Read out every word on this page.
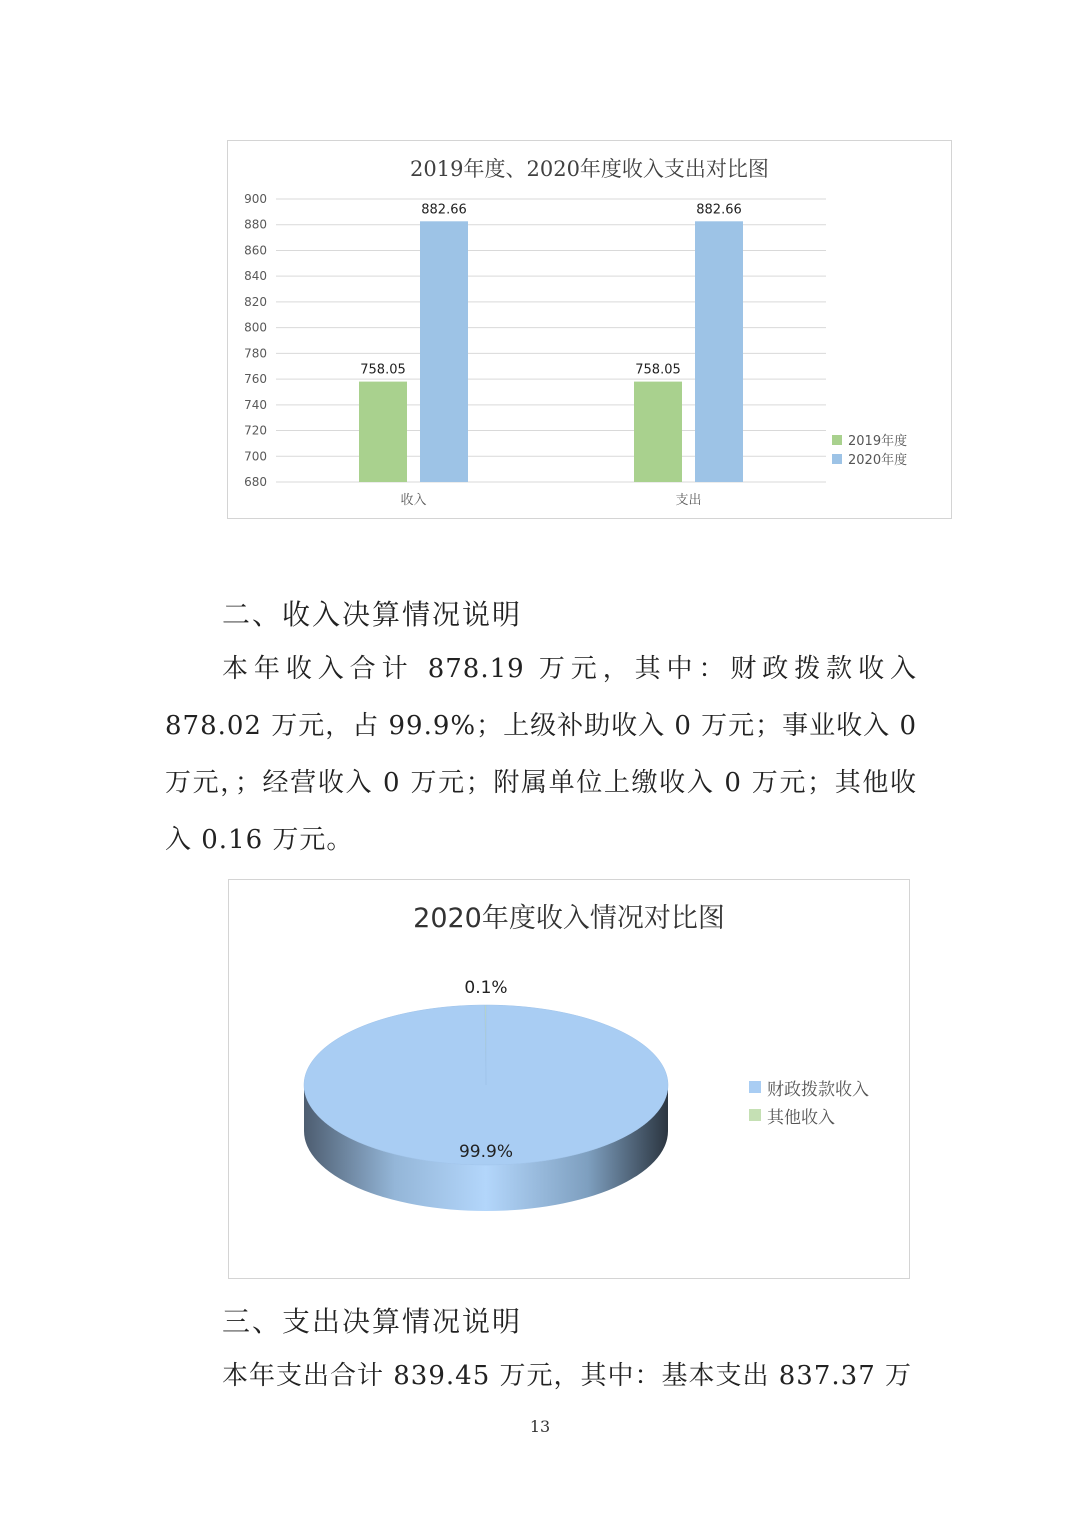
2019年度、2020年度收入支出对比图
900
880
860
840
820
800
780
760
740
720
700
680
758.05
882.66
收入
758.05
882.66
支出
2019年度
2020年度
二、收入决算情况说明
本年收入合计 878.19 万元，其中：财政拨款收入 878.02 万元，占 99.9%；上级补助收入 0 万元；事业收入 0 万元，；经营收入 0 万元；附属单位上缴收入 0 万元；其他收入 0.16 万元。
2020年度收入情况对比图
0.1%
99.9%
财政拨款收入
其他收入
三、支出决算情况说明
本年支出合计 839.45 万元，其中：基本支出 837.37 万
13
